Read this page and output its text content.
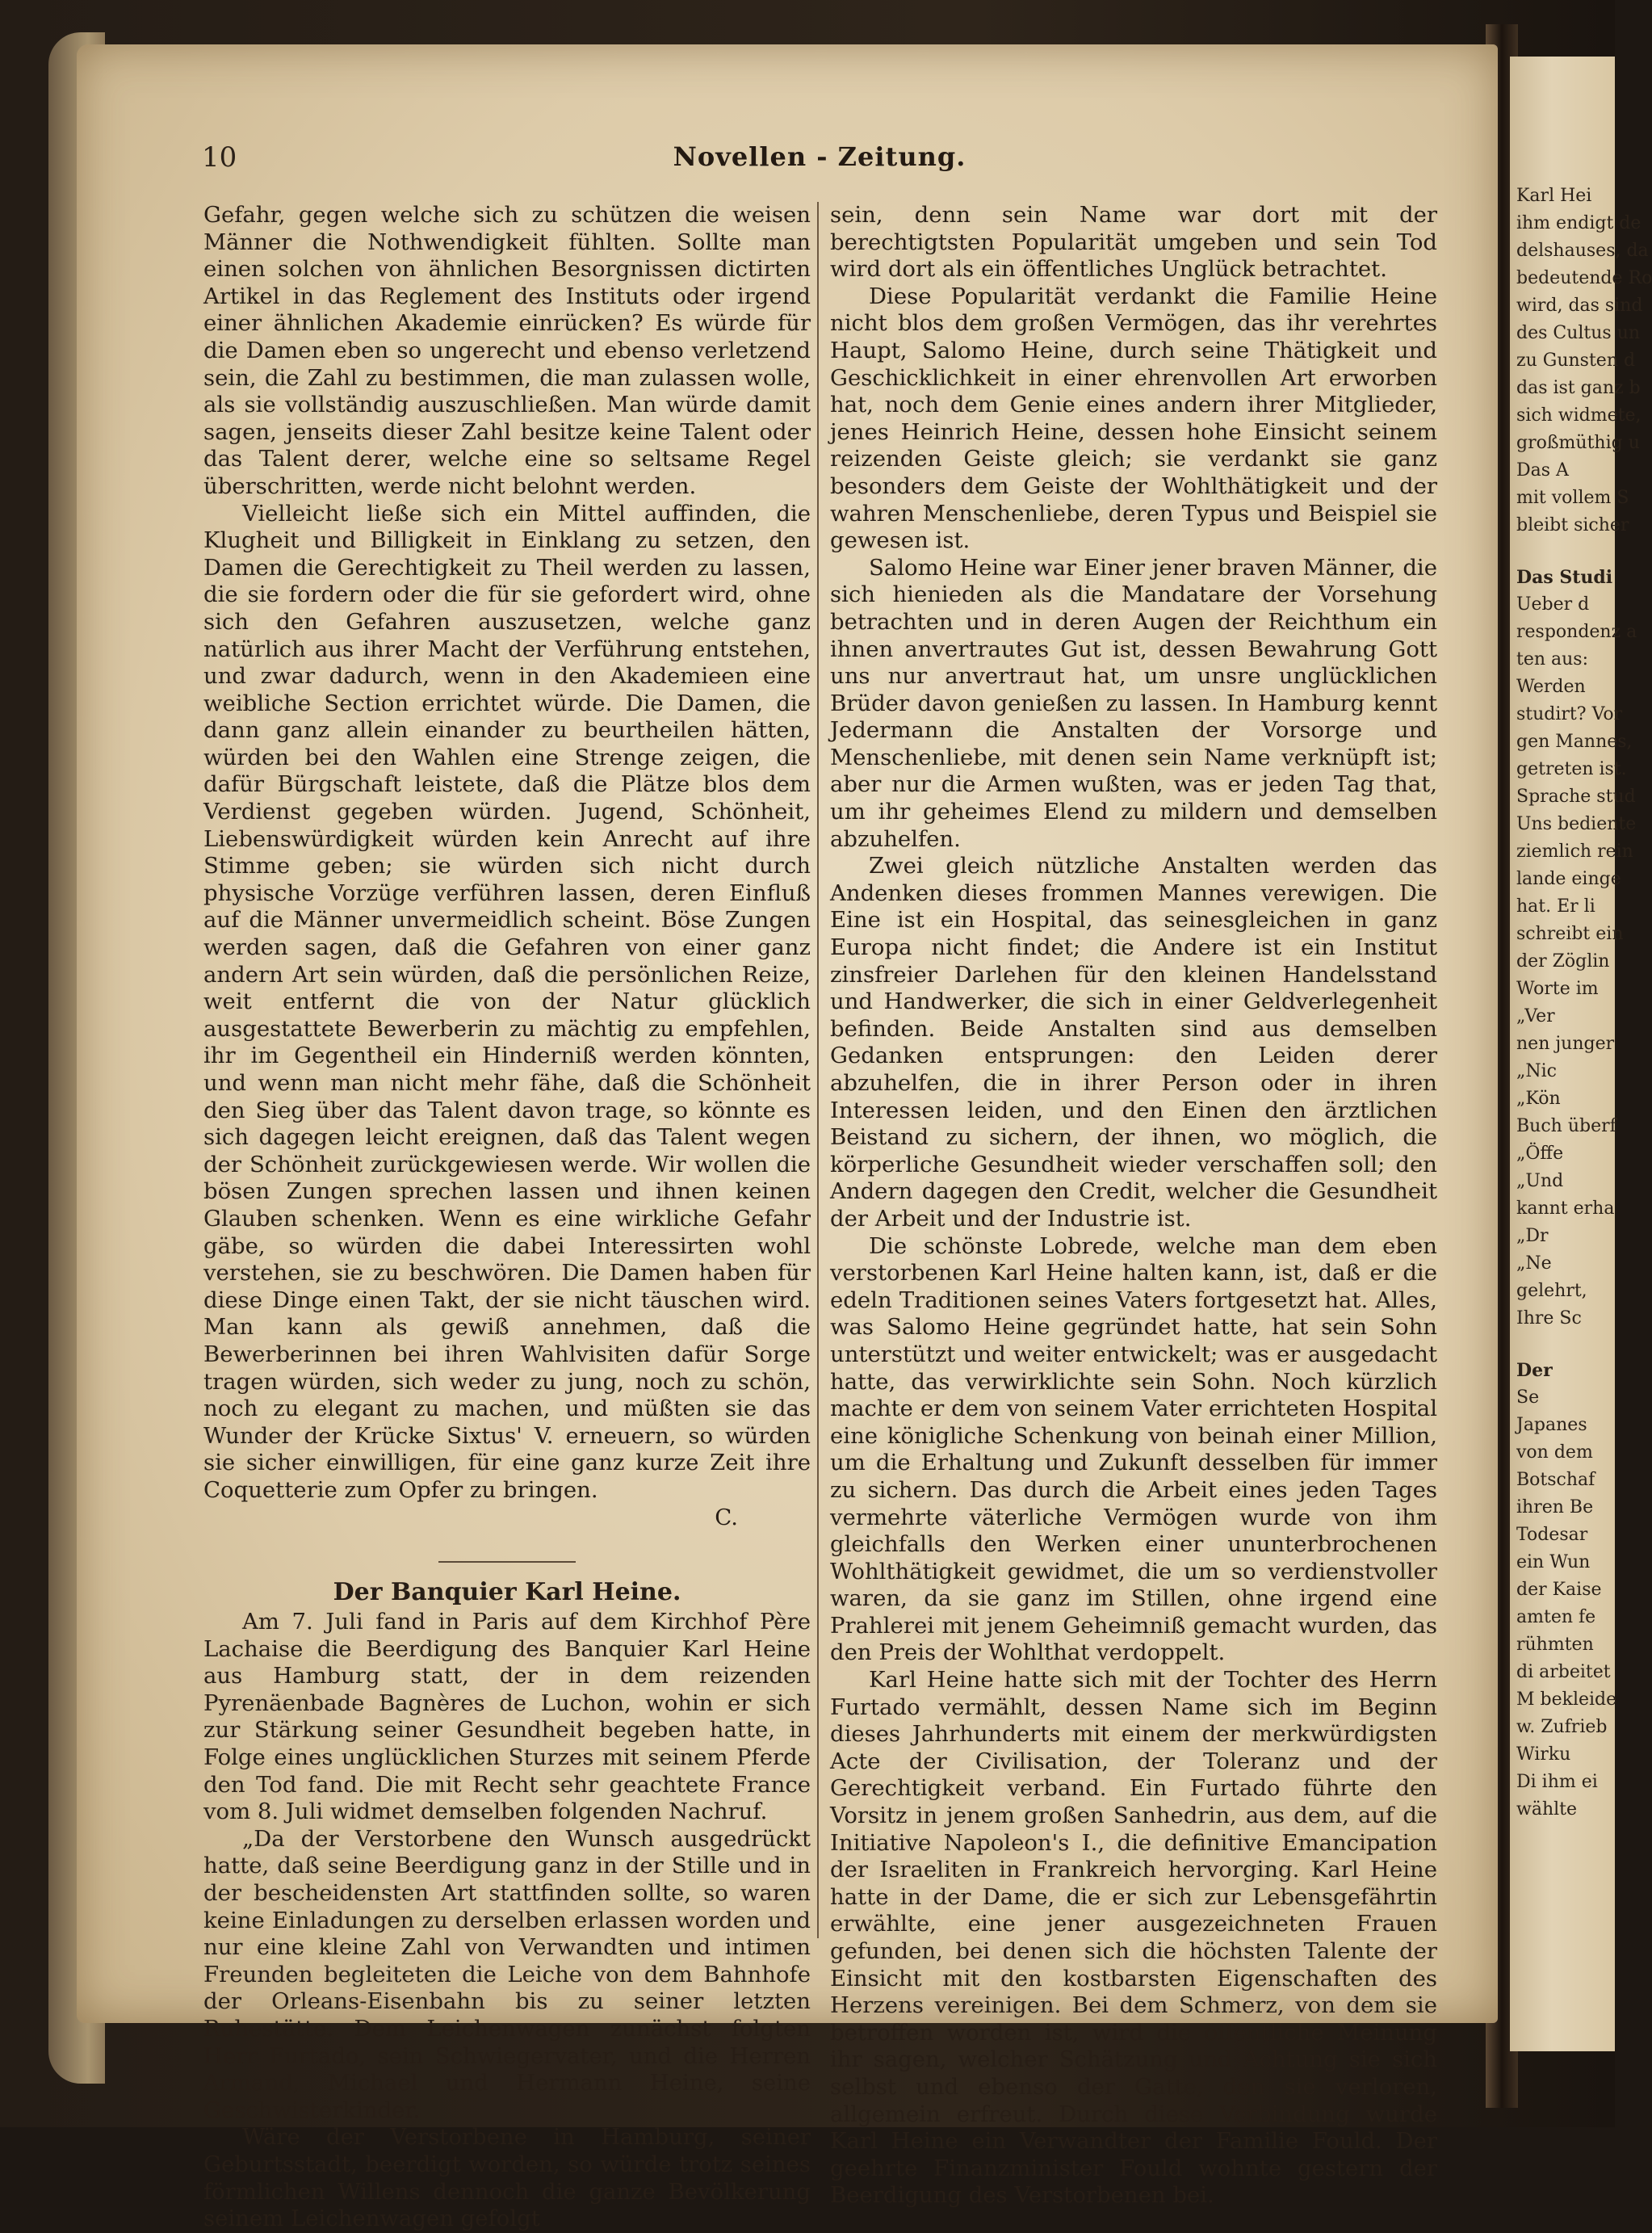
10	Novellen - Zeitung.

Gefahr, gegen welche sich zu schützen die weisen Männer die Nothwendigkeit fühlten. Sollte man einen solchen von ähnlichen Besorgnissen dictirten Artikel in das Reglement des Instituts oder irgend einer ähnlichen Akademie einrücken? Es würde für die Damen eben so ungerecht und ebenso verletzend sein, die Zahl zu bestimmen, die man zulassen wolle, als sie vollständig auszuschließen. Man würde damit sagen, jenseits dieser Zahl besitze keine Talent oder das Talent derer, welche eine so seltsame Regel überschritten, werde nicht belohnt werden.

Vielleicht ließe sich ein Mittel auffinden, die Klugheit und Billigkeit in Einklang zu setzen, den Damen die Gerechtigkeit zu Theil werden zu lassen, die sie fordern oder die für sie gefordert wird, ohne sich den Gefahren auszusetzen, welche ganz natürlich aus ihrer Macht der Verführung entstehen, und zwar dadurch, wenn in den Akademieen eine weibliche Section errichtet würde. Die Damen, die dann ganz allein einander zu beurtheilen hätten, würden bei den Wahlen eine Strenge zeigen, die dafür Bürgschaft leistete, daß die Plätze blos dem Verdienst gegeben würden. Jugend, Schönheit, Liebenswürdigkeit würden kein Anrecht auf ihre Stimme geben; sie würden sich nicht durch physische Vorzüge verführen lassen, deren Einfluß auf die Männer unvermeidlich scheint. Böse Zungen werden sagen, daß die Gefahren von einer ganz andern Art sein würden, daß die persönlichen Reize, weit entfernt die von der Natur glücklich ausgestattete Bewerberin zu mächtig zu empfehlen, ihr im Gegentheil ein Hinderniß werden könnten, und wenn man nicht mehr fähe, daß die Schönheit den Sieg über das Talent davon trage, so könnte es sich dagegen leicht ereignen, daß das Talent wegen der Schönheit zurückgewiesen werde. Wir wollen die bösen Zungen sprechen lassen und ihnen keinen Glauben schenken. Wenn es eine wirkliche Gefahr gäbe, so würden die dabei Interessirten wohl verstehen, sie zu beschwören. Die Damen haben für diese Dinge einen Takt, der sie nicht täuschen wird. Man kann als gewiß annehmen, daß die Bewerberinnen bei ihren Wahlvisiten dafür Sorge tragen würden, sich weder zu jung, noch zu schön, noch zu elegant zu machen, und müßten sie das Wunder der Krücke Sixtus' V. erneuern, so würden sie sicher einwilligen, für eine ganz kurze Zeit ihre Coquetterie zum Opfer zu bringen.

C.
Der Banquier Karl Heine.

Am 7. Juli fand in Paris auf dem Kirchhof Père Lachaise die Beerdigung des Banquier Karl Heine aus Hamburg statt, der in dem reizenden Pyrenäenbade Bagnères de Luchon, wohin er sich zur Stärkung seiner Gesundheit begeben hatte, in Folge eines unglücklichen Sturzes mit seinem Pferde den Tod fand. Die mit Recht sehr geachtete France vom 8. Juli widmet demselben folgenden Nachruf.

„Da der Verstorbene den Wunsch ausgedrückt hatte, daß seine Beerdigung ganz in der Stille und in der bescheidensten Art stattfinden sollte, so waren keine Einladungen zu derselben erlassen worden und nur eine kleine Zahl von Verwandten und intimen Freunden begleiteten die Leiche von dem Bahnhofe der Orleans-Eisenbahn bis zu seiner letzten Ruhestätte. Dem Leichenwagen zunächst folgten Herr Furtado, sein Schwiegervater, und die Herren Armand, Michael und Hermann Heine, seine Geschwisterkinder.

Wäre der Verstorbene in Hamburg, seiner Geburtsstadt, beerdigt worden, so würde trotz seines förmlichen Willens dennoch die ganze Bevölkerung seinem Leichenwagen gefolgt

sein, denn sein Name war dort mit der berechtigtsten Popularität umgeben und sein Tod wird dort als ein öffentliches Unglück betrachtet.

Diese Popularität verdankt die Familie Heine nicht blos dem großen Vermögen, das ihr verehrtes Haupt, Salomo Heine, durch seine Thätigkeit und Geschicklichkeit in einer ehrenvollen Art erworben hat, noch dem Genie eines andern ihrer Mitglieder, jenes Heinrich Heine, dessen hohe Einsicht seinem reizenden Geiste gleich; sie verdankt sie ganz besonders dem Geiste der Wohlthätigkeit und der wahren Menschenliebe, deren Typus und Beispiel sie gewesen ist.

Salomo Heine war Einer jener braven Männer, die sich hienieden als die Mandatare der Vorsehung betrachten und in deren Augen der Reichthum ein ihnen anvertrautes Gut ist, dessen Bewahrung Gott uns nur anvertraut hat, um unsre unglücklichen Brüder davon genießen zu lassen. In Hamburg kennt Jedermann die Anstalten der Vorsorge und Menschenliebe, mit denen sein Name verknüpft ist; aber nur die Armen wußten, was er jeden Tag that, um ihr geheimes Elend zu mildern und demselben abzuhelfen.

Zwei gleich nützliche Anstalten werden das Andenken dieses frommen Mannes verewigen. Die Eine ist ein Hospital, das seinesgleichen in ganz Europa nicht findet; die Andere ist ein Institut zinsfreier Darlehen für den kleinen Handelsstand und Handwerker, die sich in einer Geldverlegenheit befinden. Beide Anstalten sind aus demselben Gedanken entsprungen: den Leiden derer abzuhelfen, die in ihrer Person oder in ihren Interessen leiden, und den Einen den ärztlichen Beistand zu sichern, der ihnen, wo möglich, die körperliche Gesundheit wieder verschaffen soll; den Andern dagegen den Credit, welcher die Gesundheit der Arbeit und der Industrie ist.

Die schönste Lobrede, welche man dem eben verstorbenen Karl Heine halten kann, ist, daß er die edeln Traditionen seines Vaters fortgesetzt hat. Alles, was Salomo Heine gegründet hatte, hat sein Sohn unterstützt und weiter entwickelt; was er ausgedacht hatte, das verwirklichte sein Sohn. Noch kürzlich machte er dem von seinem Vater errichteten Hospital eine königliche Schenkung von beinah einer Million, um die Erhaltung und Zukunft desselben für immer zu sichern. Das durch die Arbeit eines jeden Tages vermehrte väterliche Vermögen wurde von ihm gleichfalls den Werken einer ununterbrochenen Wohlthätigkeit gewidmet, die um so verdienstvoller waren, da sie ganz im Stillen, ohne irgend eine Prahlerei mit jenem Geheimniß gemacht wurden, das den Preis der Wohlthat verdoppelt.

Karl Heine hatte sich mit der Tochter des Herrn Furtado vermählt, dessen Name sich im Beginn dieses Jahrhunderts mit einem der merkwürdigsten Acte der Civilisation, der Toleranz und der Gerechtigkeit verband. Ein Furtado führte den Vorsitz in jenem großen Sanhedrin, aus dem, auf die Initiative Napoleon's I., die definitive Emancipation der Israeliten in Frankreich hervorging. Karl Heine hatte in der Dame, die er sich zur Lebensgefährtin erwählte, eine jener ausgezeichneten Frauen gefunden, bei denen sich die höchsten Talente der Einsicht mit den kostbarsten Eigenschaften des Herzens vereinigen. Bei dem Schmerz, von dem sie betroffen worden ist, wird die öffentliche Meinung ihr sagen, welcher Schätzung und Achtung sie sich selbst und ebenso der Gatte, den sie verloren, allgemein erfreut. Durch diese Verbindung wurde Karl Heine ein Verwandter der Familie Fould. Der geehrte Finanzminister Fould wohnte gestern der Beerdigung des Verstorbenen bei.

Karl Hei
ihm endigt de
delshauses, da
bedeutende Ro
wird, das sind
des Cultus un
zu Gunsten d
das ist ganz b
sich widmete,
großmüthig u
Das A
mit vollem S
bleibt sicher
Das Studi
Ueber d
respondenz a
ten aus:
Werden
studirt? Vor
gen Mannes,
getreten ist.
Sprache stud
Uns bediente
ziemlich rein
lande einge
hat. Er li
schreibt ein
der Zöglin
Worte im
„Ver
nen junger
„Nic
„Kön
Buch überf
„Öffe
„Und
kannt erha
„Dr
„Ne
gelehrt,
Ihre Sc
Der
Se
Japanes
von dem
Botschaf
ihren Be
Todesar
ein Wun
der Kaise
amten fe
rühmten
di arbeitet
M bekleide
w. Zufrieb
Wirku
Di ihm ei
wählte
